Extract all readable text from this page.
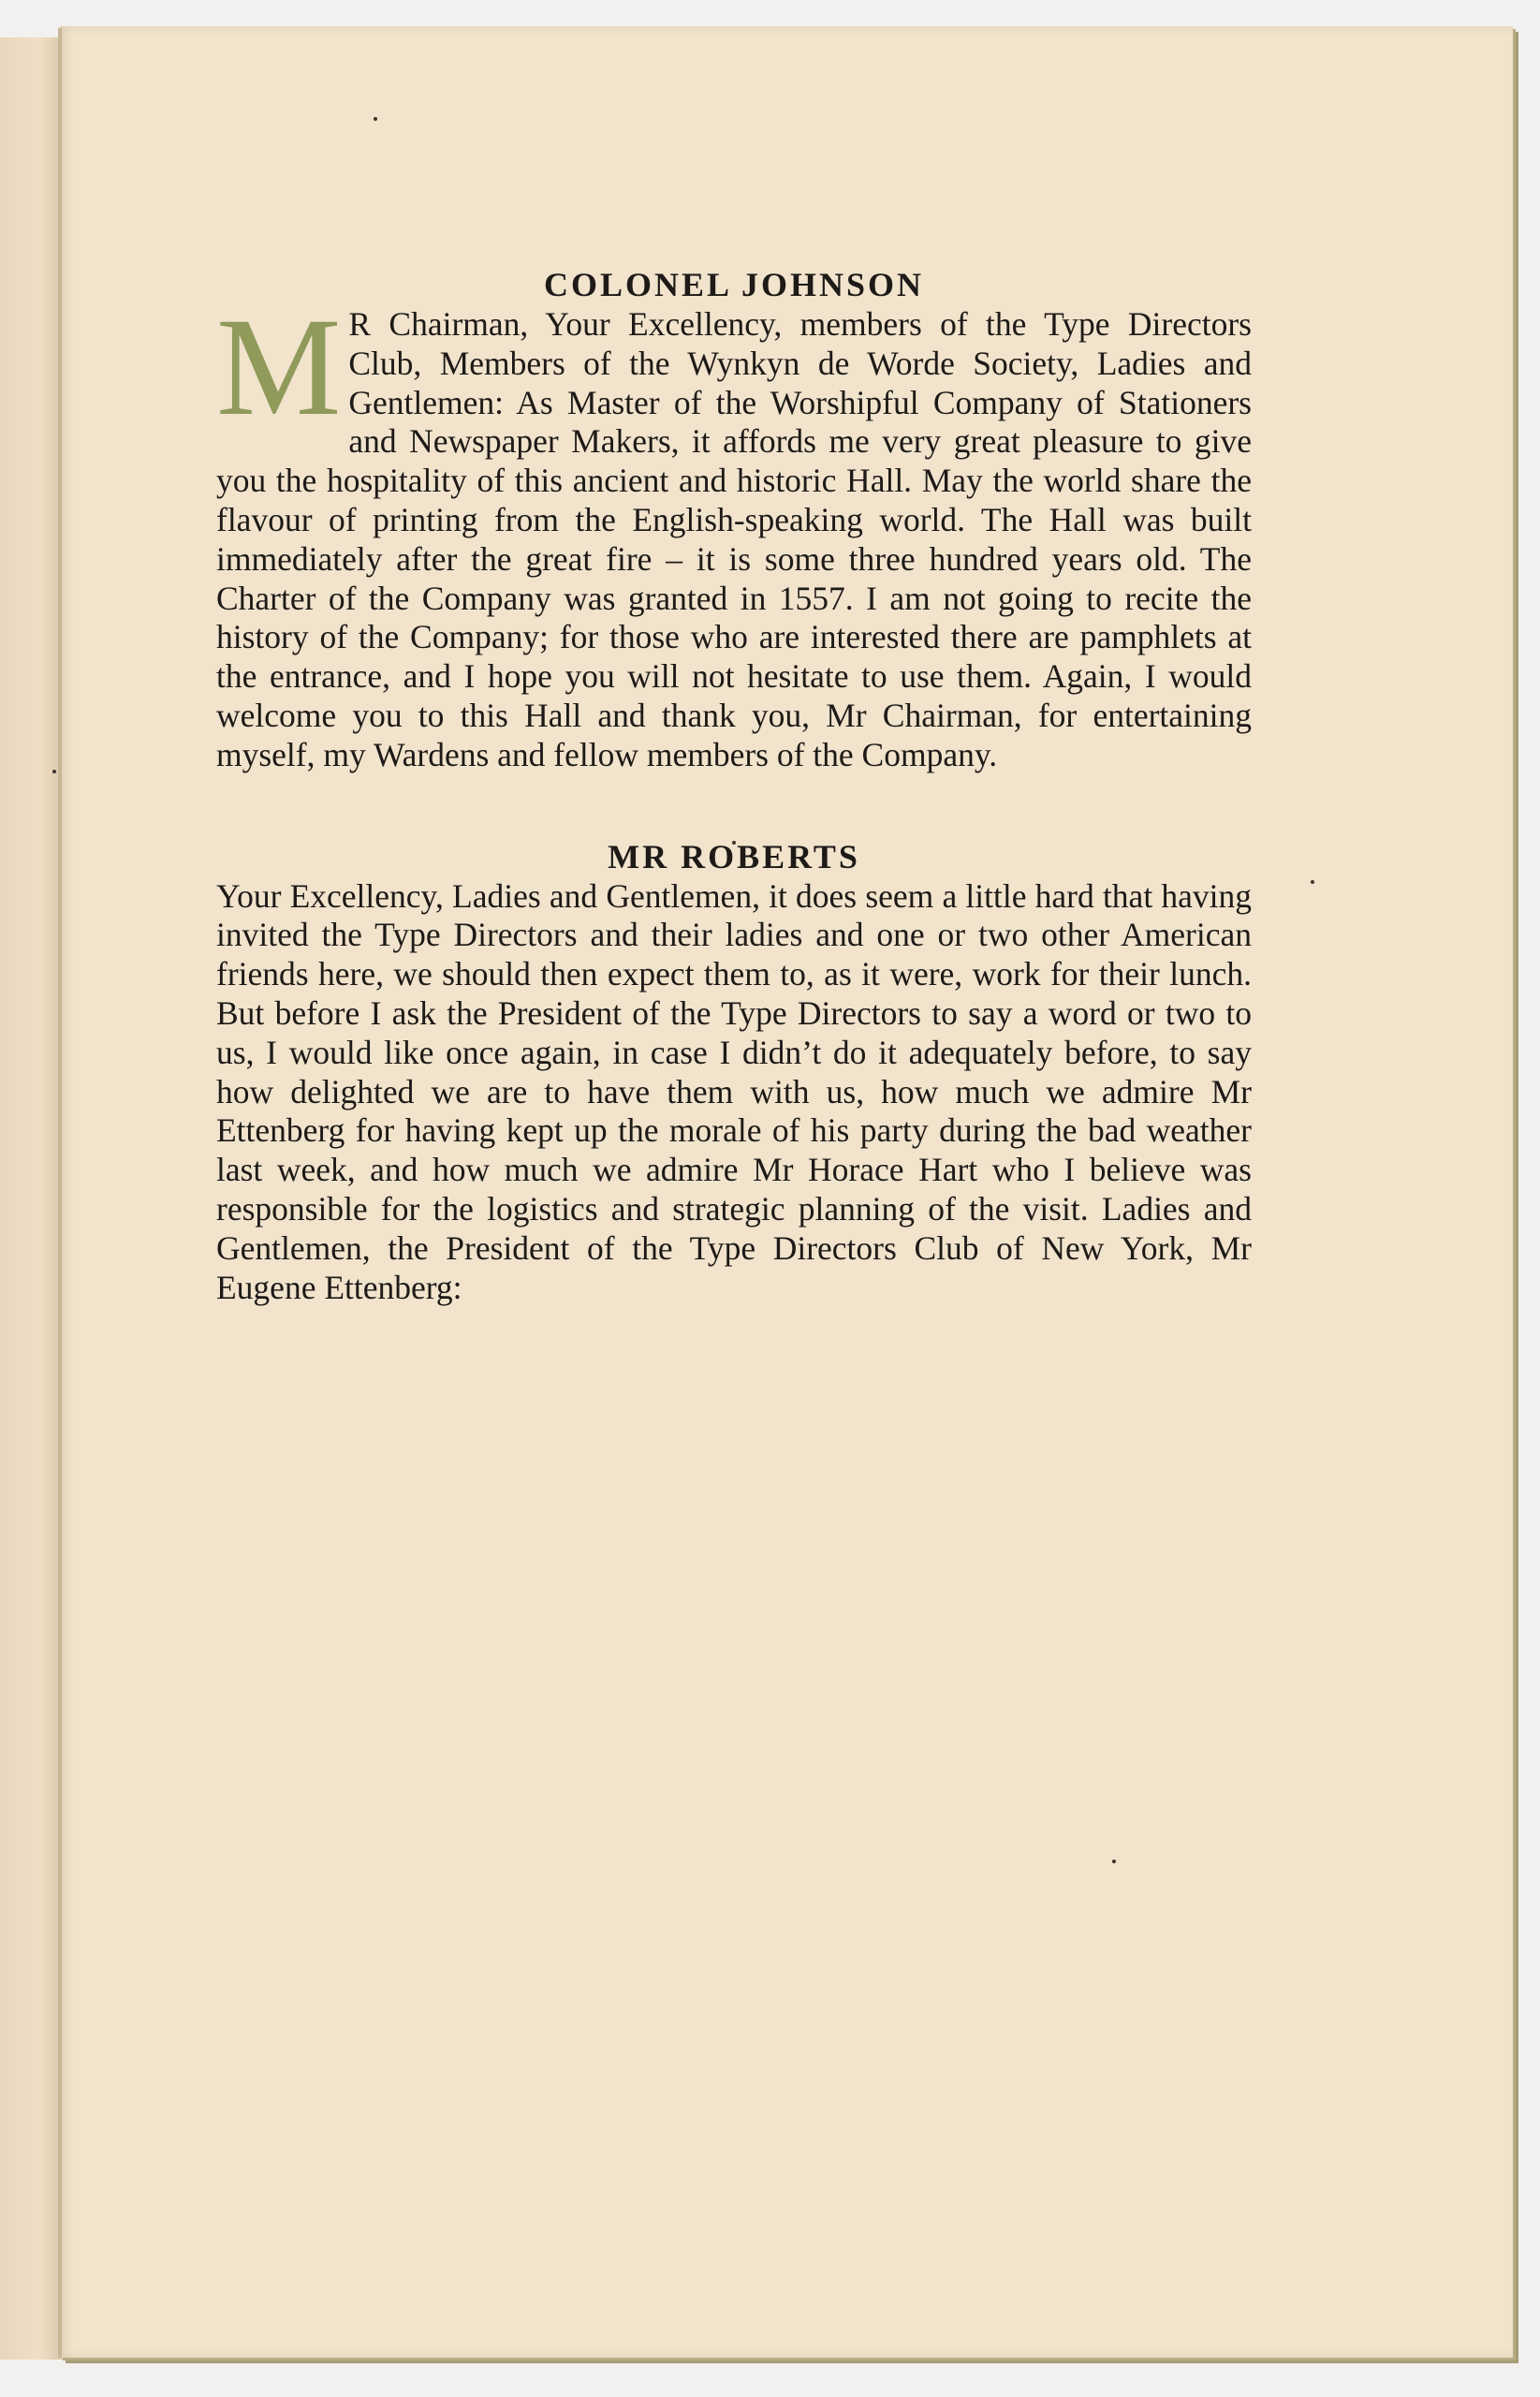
COLONEL JOHNSON

M R Chairman, Your Excellency, members of the Type Directors Club, Members of the Wynkyn de Worde Society, Ladies and Gentlemen: As Master of the Worshipful Company of Stationers and Newspaper Makers, it affords me very great pleasure to give you the hospitality of this ancient and historic Hall. May the world share the flavour of printing from the English-speaking world. The Hall was built immediately after the great fire – it is some three hundred years old. The Charter of the Company was granted in 1557. I am not going to recite the history of the Company; for those who are interested there are pamphlets at the entrance, and I hope you will not hesitate to use them. Again, I would welcome you to this Hall and thank you, Mr Chairman, for entertaining myself, my Wardens and fellow members of the Company.

MR ROBERTS

Your Excellency, Ladies and Gentlemen, it does seem a little hard that having invited the Type Directors and their ladies and one or two other American friends here, we should then expect them to, as it were, work for their lunch. But before I ask the President of the Type Directors to say a word or two to us, I would like once again, in case I didn’t do it adequately before, to say how delighted we are to have them with us, how much we admire Mr Ettenberg for having kept up the morale of his party during the bad weather last week, and how much we admire Mr Horace Hart who I believe was responsible for the logistics and strategic planning of the visit. Ladies and Gentlemen, the President of the Type Directors Club of New York, Mr Eugene Ettenberg:
